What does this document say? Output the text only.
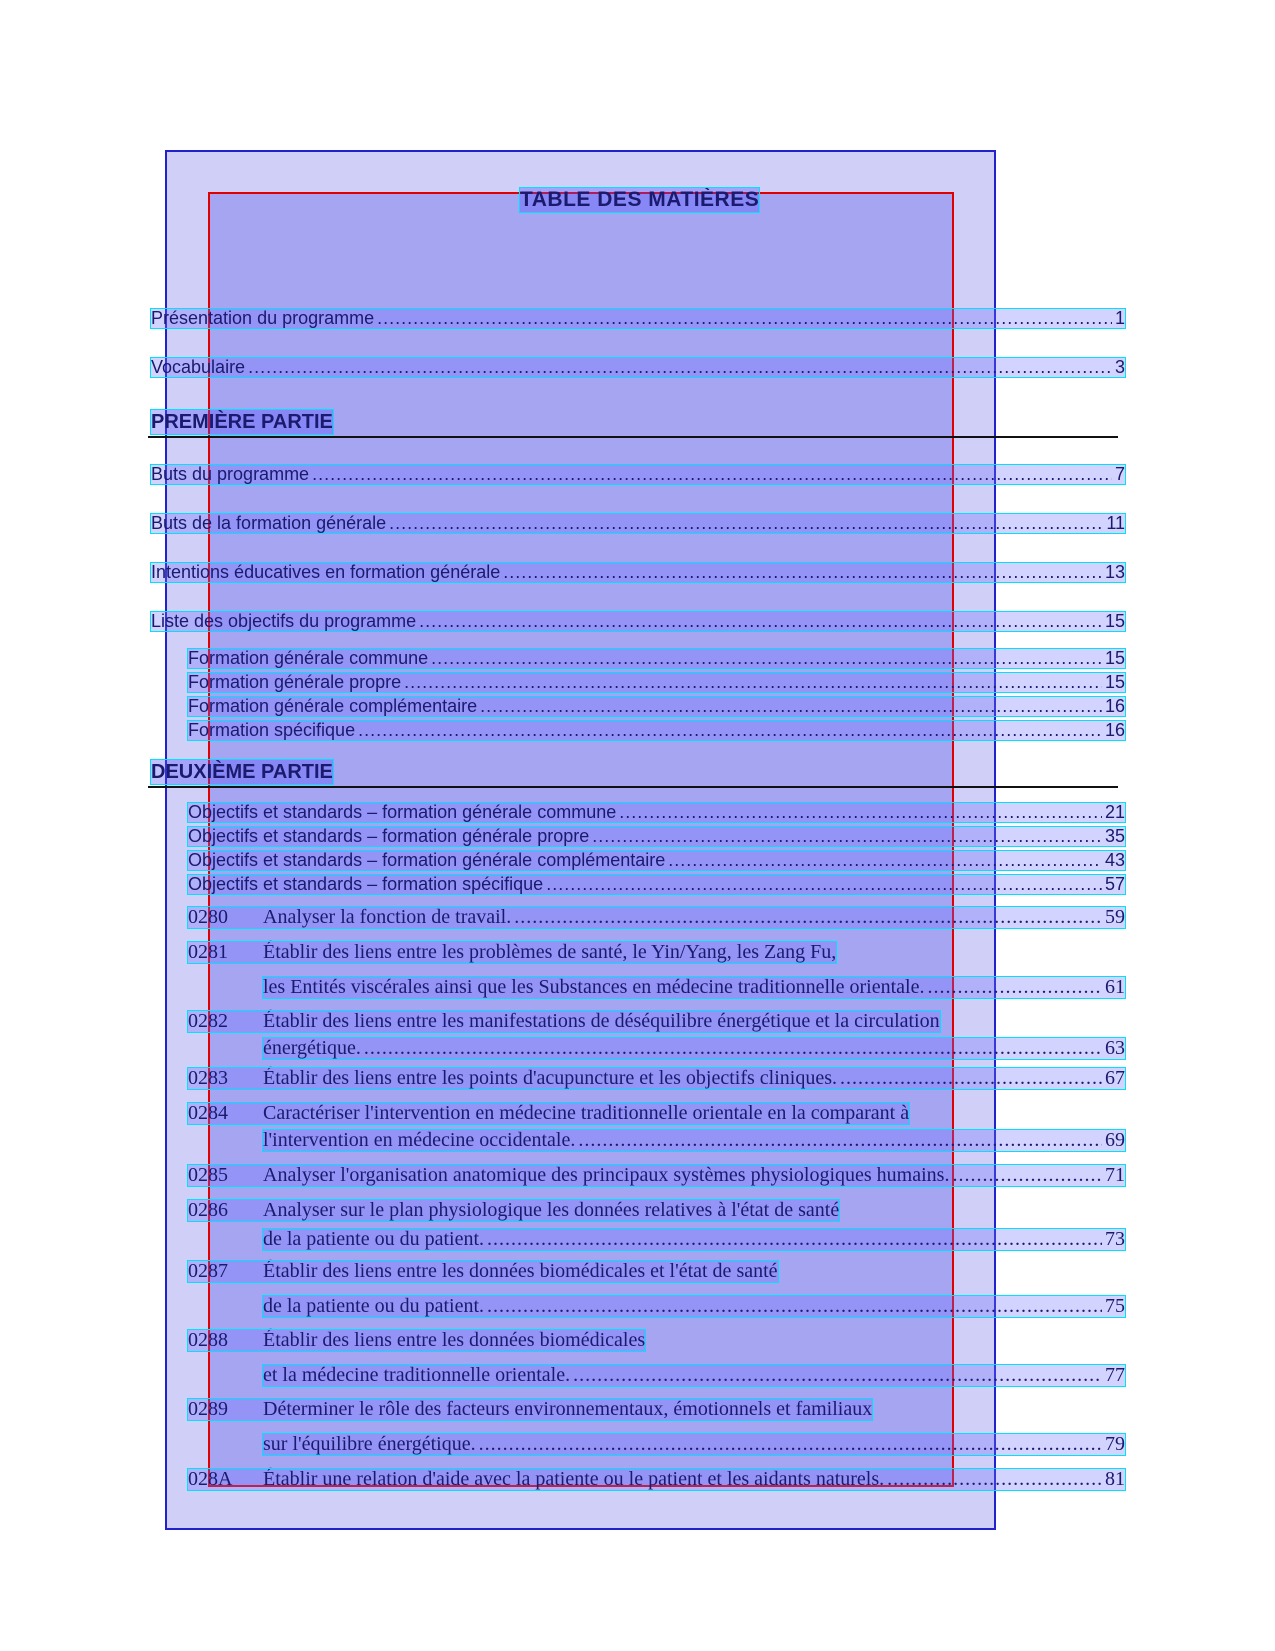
TABLE DES MATIÈRES
Présentation du programme .....	1
Vocabulaire .....	3
PREMIÈRE PARTIE
Buts du programme .....	7
Buts de la formation générale .....	11
Intentions éducatives en formation générale .....	13
Liste des objectifs du programme .....	15
Formation générale commune .....	15
Formation générale propre .....	15
Formation générale complémentaire .....	16
Formation spécifique .....	16
DEUXIÈME PARTIE
Objectifs et standards – formation générale commune .....	21
Objectifs et standards – formation générale propre .....	35
Objectifs et standards – formation générale complémentaire .....	43
Objectifs et standards – formation spécifique .....	57
0280	Analyser la fonction de travail. .....	59
0281	Établir des liens entre les problèmes de santé, le Yin/Yang, les Zang Fu,
les Entités viscérales ainsi que les Substances en médecine traditionnelle orientale. .....	61
0282	Établir des liens entre les manifestations de déséquilibre énergétique et la circulation
énergétique. .....	63
0283	Établir des liens entre les points d'acupuncture et les objectifs cliniques. .....	67
0284	Caractériser l'intervention en médecine traditionnelle orientale en la comparant à
l'intervention en médecine occidentale. .....	69
0285	Analyser l'organisation anatomique des principaux systèmes physiologiques humains. .....	71
0286	Analyser sur le plan physiologique les données relatives à l'état de santé
de la patiente ou du patient. .....	73
0287	Établir des liens entre les données biomédicales et l'état de santé
de la patiente ou du patient. .....	75
0288	Établir des liens entre les données biomédicales
et la médecine traditionnelle orientale. .....	77
0289	Déterminer le rôle des facteurs environnementaux, émotionnels et familiaux
sur l'équilibre énergétique. .....	79
028A	Établir une relation d'aide avec la patiente ou le patient et les aidants naturels. .....	81
